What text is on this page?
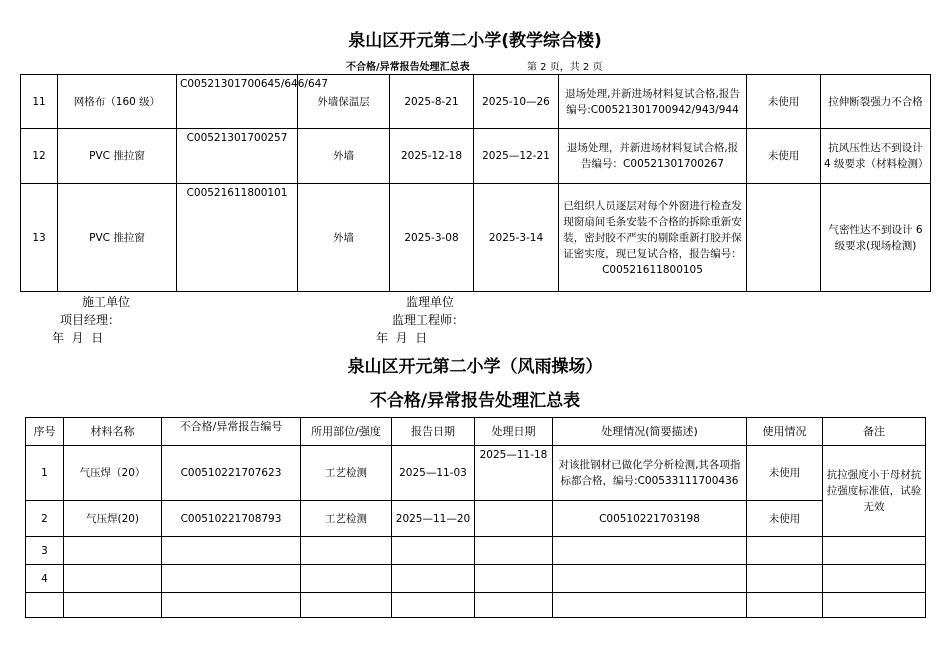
泉山区开元第二小学(教学综合楼)
不合格/异常报告处理汇总表	第 2 页，共 2 页
11	网格布（160 级）	C00521301700645/646/647	外墙保温层	2025-8-21	2025-10—26	退场处理,并新进场材料复试合格,报告编号:C00521301700942/943/944	未使用	拉伸断裂强力不合格
12	PVC 推拉窗	C00521301700257	外墙	2025-12-18	2025—12-21	退场处理，并新进场材料复试合格,报告编号：C00521301700267	未使用	抗风压性达不到设计 4 级要求（材料检测）
13	PVC 推拉窗	C00521611800101	外墙	2025-3-08	2025-3-14	已组织人员逐层对每个外窗进行检查发现窗扇间毛条安装不合格的拆除重新安装，密封胶不严实的剔除重新打胶并保证密实度，现已复试合格，报告编号：C00521611800105		气密性达不到设计 6 级要求(现场检测)
施工单位
项目经理：
年  月  日
监理单位
监理工程师：
年  月  日
泉山区开元第二小学（风雨操场）
不合格/异常报告处理汇总表
序号	材料名称	不合格/异常报告编号	所用部位/强度	报告日期	处理日期	处理情况(简要描述)	使用情况	备注
1	气压焊（20）	C00510221707623	工艺检测	2025—11-03	2025—11-18	对该批钢材已做化学分析检测,其各项指标都合格，编号:C00533111700436	未使用	抗拉强度小于母材抗拉强度标准值，试验无效
2	气压焊(20)	C00510221708793	工艺检测	2025—11—20		C00510221703198	未使用	
3								
4								
